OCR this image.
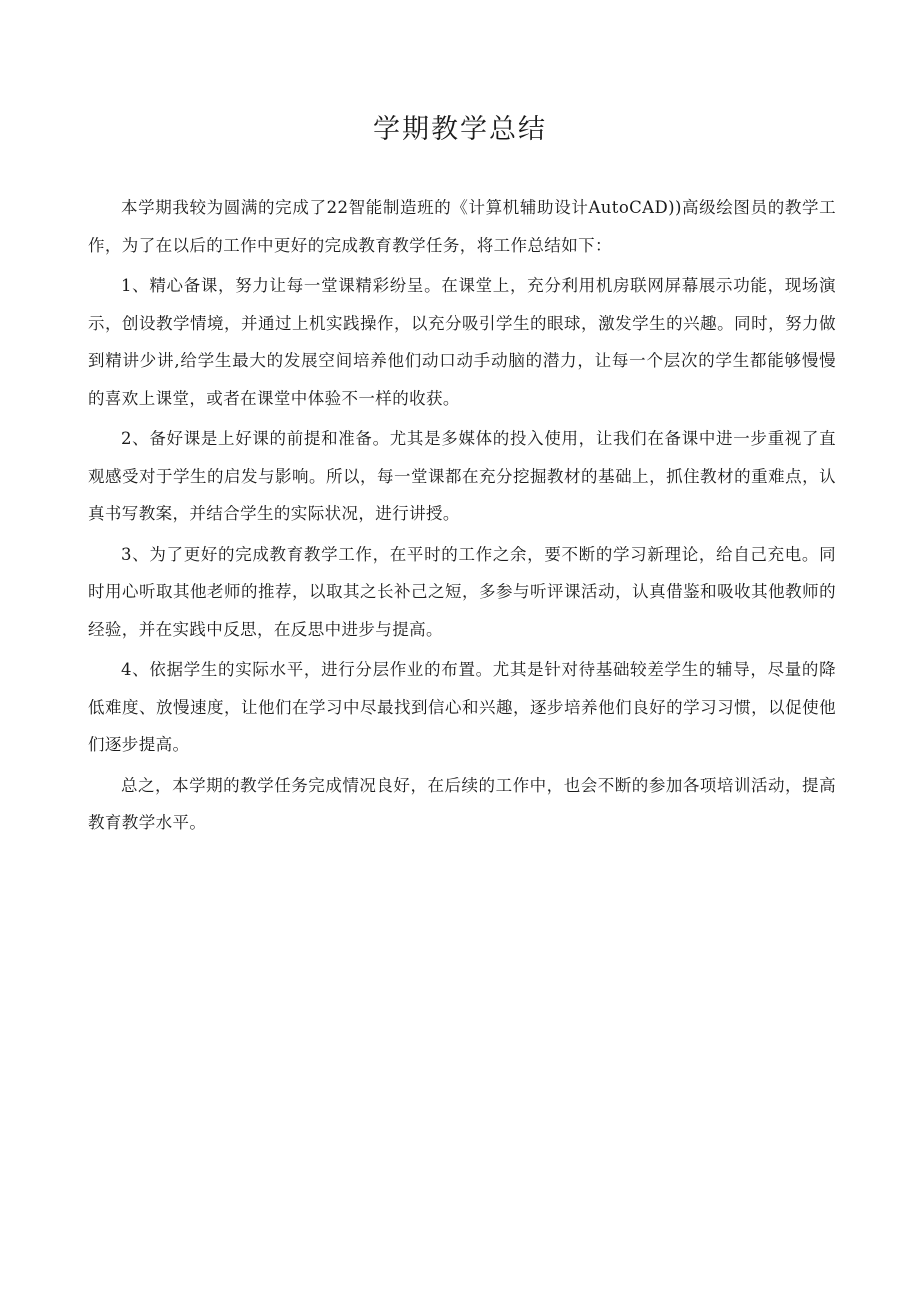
学期教学总结

本学期我较为圆满的完成了22智能制造班的《计算机辅助设计AutoCAD))高级绘图员的教学工作，为了在以后的工作中更好的完成教育教学任务，将工作总结如下：

1、精心备课，努力让每一堂课精彩纷呈。在课堂上，充分利用机房联网屏幕展示功能，现场演示，创设教学情境，并通过上机实践操作，以充分吸引学生的眼球，激发学生的兴趣。同时，努力做到精讲少讲,给学生最大的发展空间培养他们动口动手动脑的潜力，让每一个层次的学生都能够慢慢的喜欢上课堂，或者在课堂中体验不一样的收获。

2、备好课是上好课的前提和准备。尤其是多媒体的投入使用，让我们在备课中进一步重视了直观感受对于学生的启发与影响。所以，每一堂课都在充分挖掘教材的基础上，抓住教材的重难点，认真书写教案，并结合学生的实际状况，进行讲授。

3、为了更好的完成教育教学工作，在平时的工作之余，要不断的学习新理论，给自己充电。同时用心听取其他老师的推荐，以取其之长补己之短，多参与听评课活动，认真借鉴和吸收其他教师的经验，并在实践中反思，在反思中进步与提高。

4、依据学生的实际水平，进行分层作业的布置。尤其是针对待基础较差学生的辅导，尽量的降低难度、放慢速度，让他们在学习中尽最找到信心和兴趣，逐步培养他们良好的学习习惯，以促使他们逐步提高。

总之，本学期的教学任务完成情况良好，在后续的工作中，也会不断的参加各项培训活动，提高教育教学水平。
